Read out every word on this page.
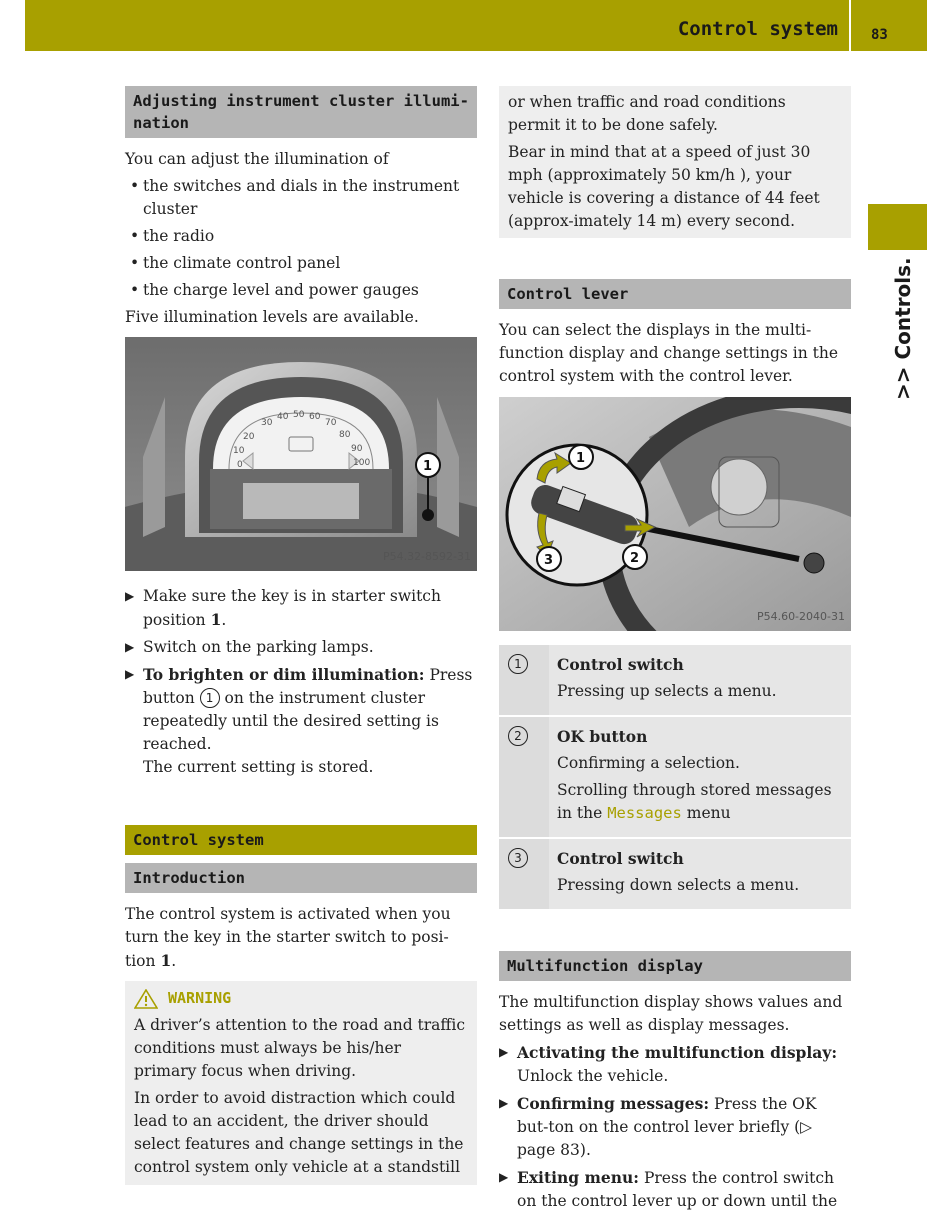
Control system 83
>> Controls.
Adjusting instrument cluster illumi-nation

You can adjust the illumination of

• the switches and dials in the instrument cluster
• the radio
• the climate control panel
• the charge level and power gauges

Five illumination levels are available.

0
10
20
30
40 50 60
70
80
90
100	1
P54.32-8592-31
▶ Make sure the key is in starter switch position 1.
▶ Switch on the parking lamps.
▶ To brighten or dim illumination: Press button 1 on the instrument cluster repeatedly until the desired setting is reached.

The current setting is stored.

Control system
Introduction

The control system is activated when you turn the key in the starter switch to posi-tion 1.

WARNING

A driver’s attention to the road and traffic conditions must always be his/her primary focus when driving.

In order to avoid distraction which could lead to an accident, the driver should select features and change settings in the control system only vehicle at a standstill

or when traffic and road conditions permit it to be done safely.

Bear in mind that at a speed of just 30 mph (approximately 50 km/h ), your vehicle is covering a distance of 44 feet (approx-imately 14 m) every second.

Control lever

You can select the displays in the multi-function display and change settings in the control system with the control lever.

1
3	2
P54.60-2040-31
1	Control switch

Pressing up selects a menu.

2	OK button

Confirming a selection.

Scrolling through stored messages in the Messages menu

3	Control switch

Pressing down selects a menu.

Multifunction display

The multifunction display shows values and settings as well as display messages.

▶ Activating the multifunction display: Unlock the vehicle.
▶ Confirming messages: Press the OK but-ton on the control lever briefly (▷ page 83).
▶ Exiting menu: Press the control switch on the control lever up or down until the
